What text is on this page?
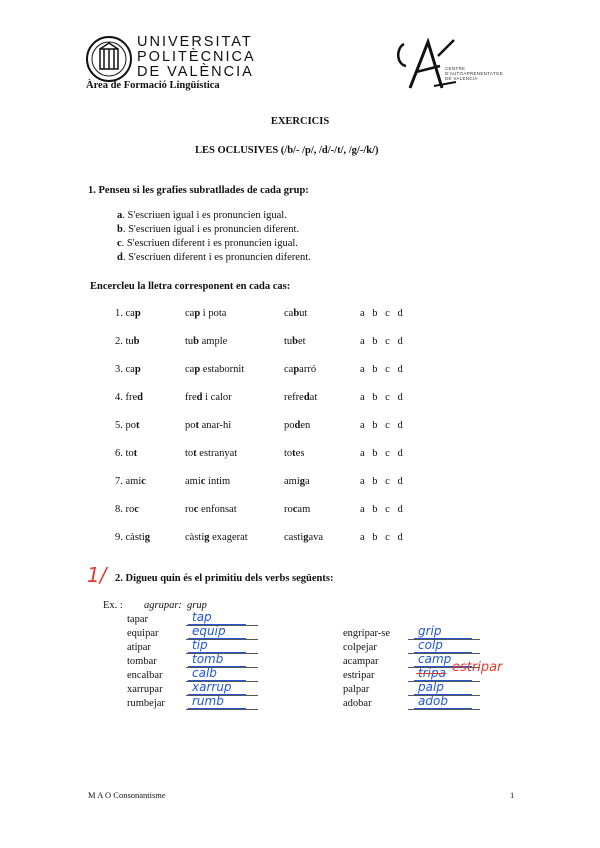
UNIVERSITAT
POLITÈCNICA
DE VALÈNCIA
Àrea de Formació Lingüística
CENTRE
D'AUTOAPRENENTATGE
DE VALENCIA
EXERCICIS
LES OCLUSIVES (/b/- /p/, /d/-/t/, /g/-/k/)
1. Penseu si les grafies subratllades de cada grup:
a. S'escriuen igual i es pronuncien igual.
b. S'escriuen igual i es pronuncien diferent.
c. S'escriuen diferent i es pronuncien igual.
d. S'escriuen diferent i es pronuncien diferent.
Encercleu la lletra corresponent en cada cas:
1. cap	cap i pota	cabut	a b c d
2. tub	tub ample	tubet	a b c d
3. cap	cap estabornit	caparró	a b c d
4. fred	fred i calor	refredat	a b c d
5. pot	pot anar-hi	poden	a b c d
6. tot	tot estranyat	totes	a b c d
7. amic	amic íntim	amiga	a b c d
8. roc	roc enfonsat	rocam	a b c d
9. càstig	càstig exagerat	castigava	a b c d
1/ 2. Digueu quin és el primitiu dels verbs següents:
Ex. : agrupar: grup
tapar	tap
equipar	equip
atipar	tip
tombar	tomb
encalbar calb
xarrupar xarrup
rumbejar rumb
engripar-se grip
colpejar	colp
acampar	camp
estripar	tripa estripar
palpar	palp
adobar	adob
M A O Consonantisme	1
